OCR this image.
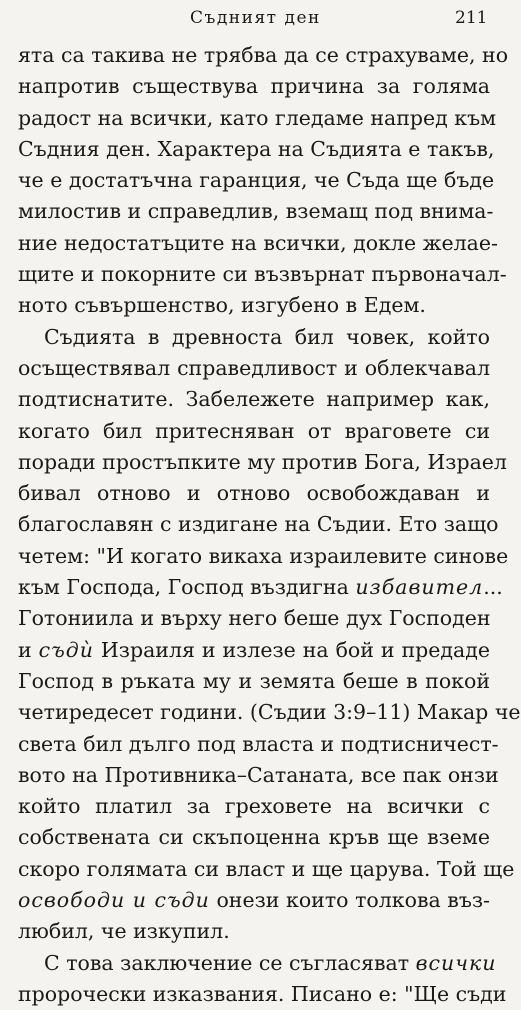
Съдният ден	211
ята са такива не трябва да се страхуваме, но
напротив съществува причина за голяма
радост на всички, като гледаме напред към
Съдния ден. Характера на Съдията е такъв,
че е достатъчна гаранция, че Съда ще бъде
милостив и справедлив, вземащ под внима-
ние недостатъците на всички, докле желае-
щите и покорните си възвърнат първоначал-
ното съвършенство, изгубено в Едем.
Съдията в древноста бил човек, който
осъществявал справедливост и облекчавал
подтиснатите. Забележете например как,
когато бил притесняван от враговете си
поради простъпките му против Бога, Израел
бивал отново и отново освобождаван и
благославян с издигане на Съдии. Ето защо
четем: "И когато викаха израилевите синове
към Господа, Господ въздигна избавител...
Готониила и върху него беше дух Господен
и съдѝ Израиля и излезе на бой и предаде
Господ в ръката му и земята беше в покой
четиредесет години. (Съдии 3:9–11) Макар че
света бил дълго под власта и подтисничест-
вото на Противника–Сатаната, все пак онзи
който платил за греховете на всички с
собствената си скъпоценна кръв ще вземе
скоро голямата си власт и ще царува. Той ще
освободи и съди онези които толкова въз-
любил, че изкупил.
С това заключение се съгласяват всички
пророчески изказвания. Писано е: "Ще съди
